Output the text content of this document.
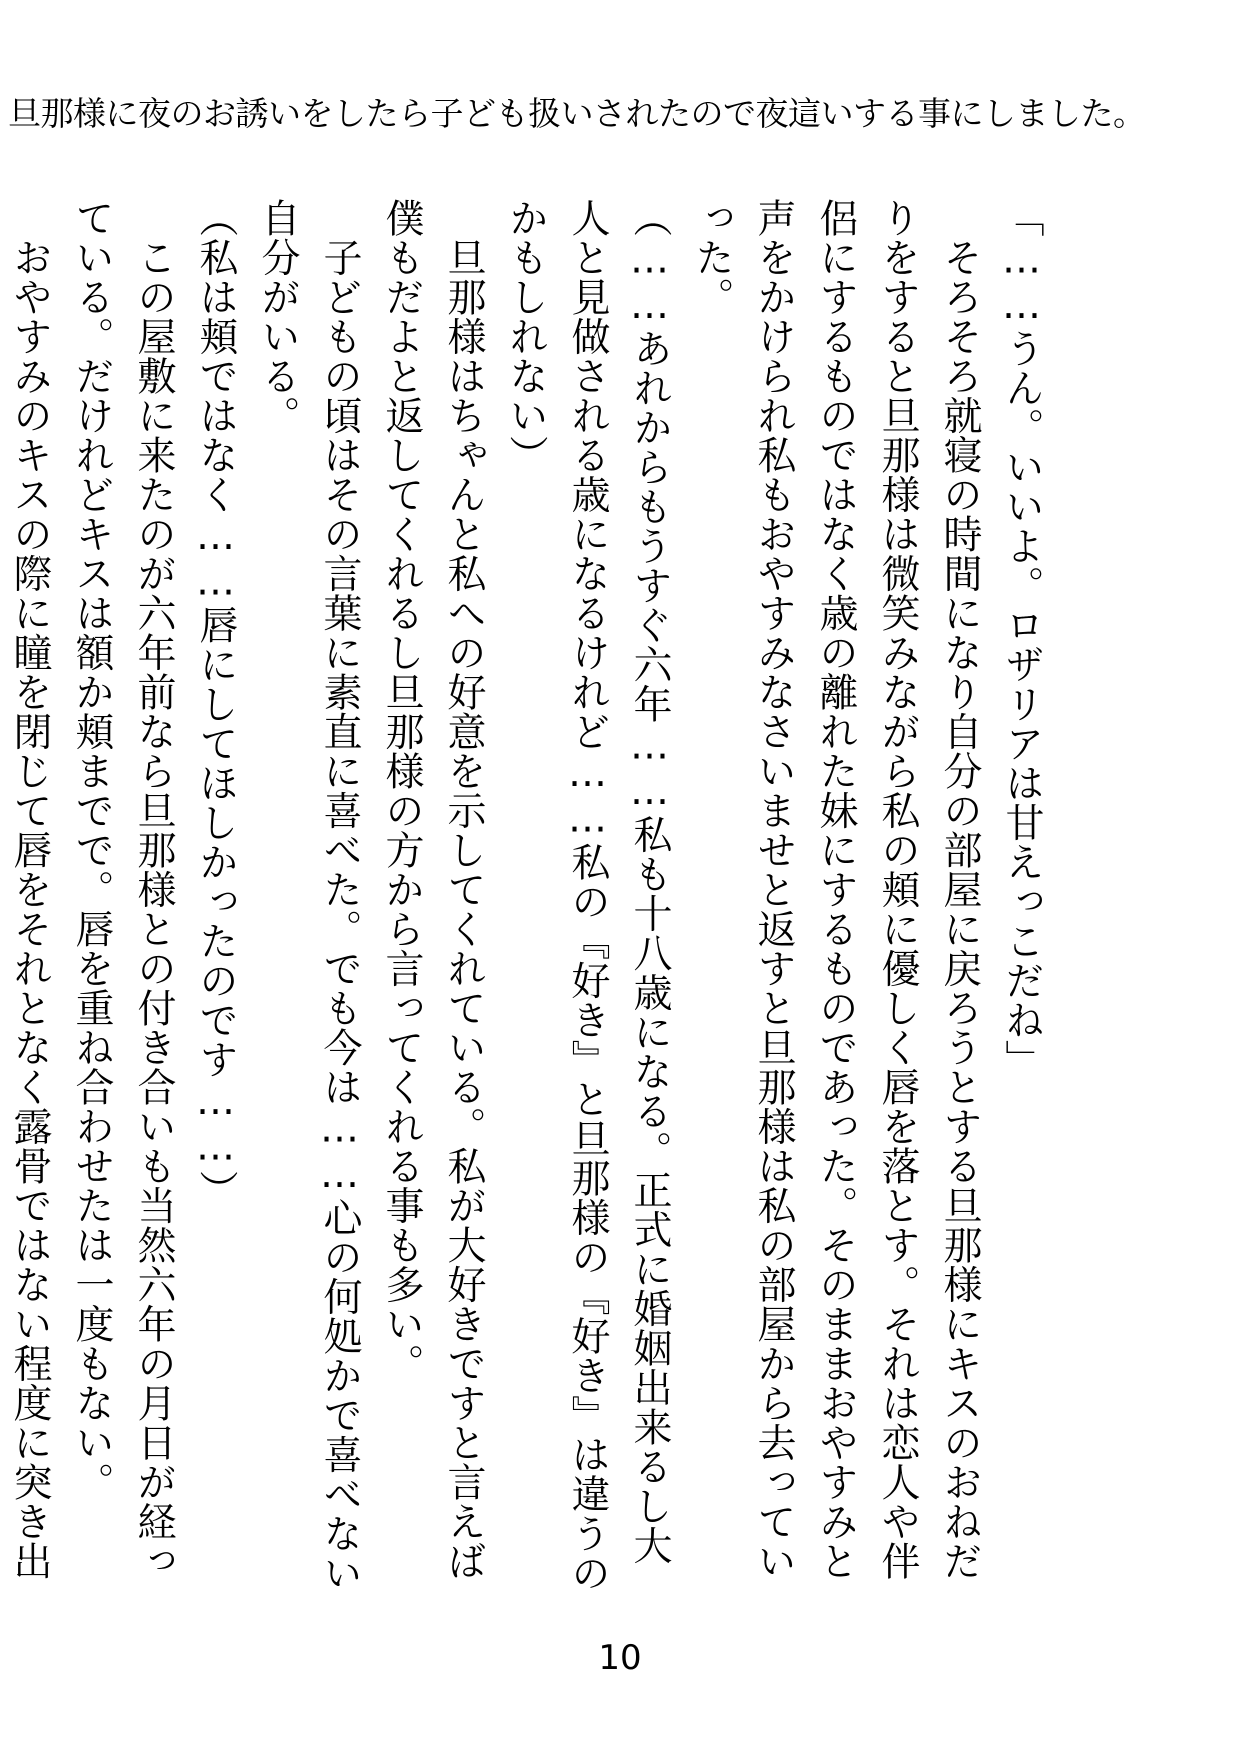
旦那様に夜のお誘いをしたら子ども扱いされたので夜這いする事にしました。

「……うん。いいよ。ロザリアは甘えっこだね」

　そろそろ就寝の時間になり自分の部屋に戻ろうとする旦那様にキスのおねだりをすると旦那様は微笑みながら私の頬に優しく唇を落とす。それは恋人や伴侶にするものではなく歳の離れた妹にするものであった。そのままおやすみと声をかけられ私もおやすみなさいませと返すと旦那様は私の部屋から去っていった。

（……あれからもうすぐ六年……私も十八歳になる。正式に婚姻出来るし大人と見做される歳になるけれど……私の『好き』と旦那様の『好き』は違うのかもしれない）

　旦那様はちゃんと私への好意を示してくれている。私が大好きですと言えば僕もだよと返してくれるし旦那様の方から言ってくれる事も多い。

　子どもの頃はその言葉に素直に喜べた。でも今は……心の何処かで喜べない自分がいる。

（私は頬ではなく……唇にしてほしかったのです……）

　この屋敷に来たのが六年前なら旦那様との付き合いも当然六年の月日が経っている。だけれどキスは額か頬までで。唇を重ね合わせたは一度もない。

　おやすみのキスの際に瞳を閉じて唇をそれとなく露骨ではない程度に突き出

10
